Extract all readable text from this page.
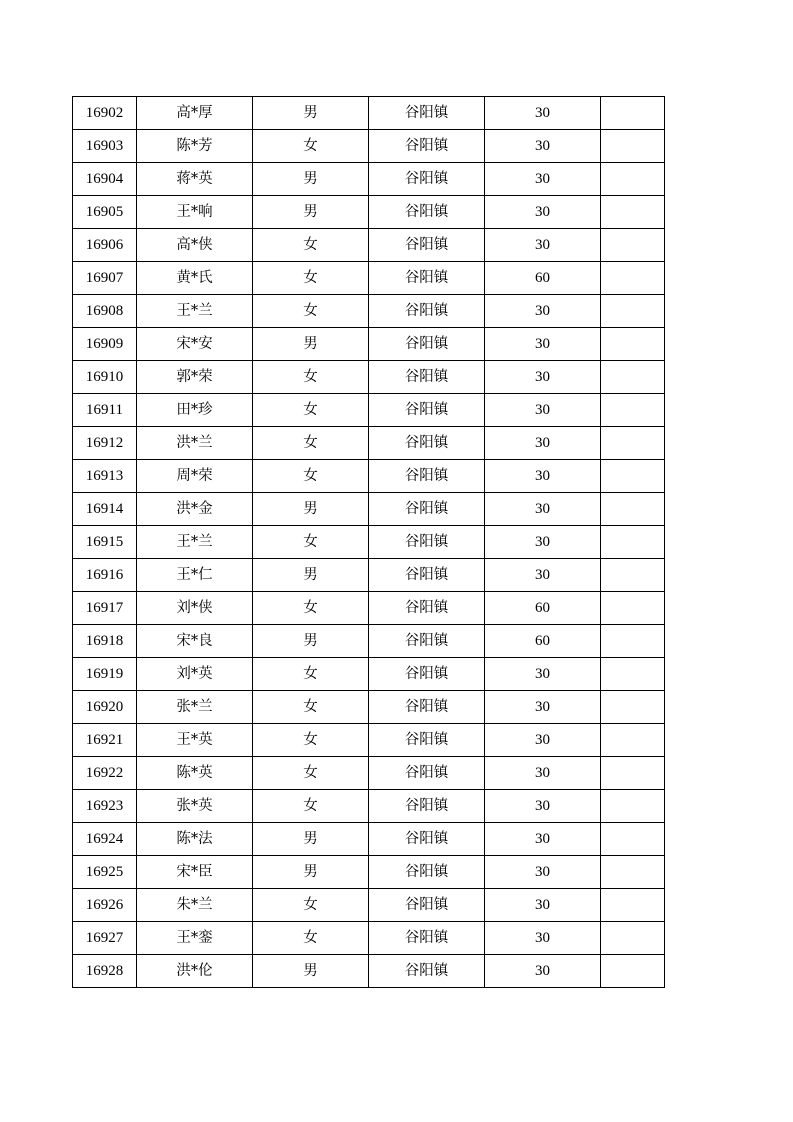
16902	高*厚	男	谷阳镇	30	
16903	陈*芳	女	谷阳镇	30	
16904	蒋*英	男	谷阳镇	30	
16905	王*响	男	谷阳镇	30	
16906	高*侠	女	谷阳镇	30	
16907	黄*氏	女	谷阳镇	60	
16908	王*兰	女	谷阳镇	30	
16909	宋*安	男	谷阳镇	30	
16910	郭*荣	女	谷阳镇	30	
16911	田*珍	女	谷阳镇	30	
16912	洪*兰	女	谷阳镇	30	
16913	周*荣	女	谷阳镇	30	
16914	洪*金	男	谷阳镇	30	
16915	王*兰	女	谷阳镇	30	
16916	王*仁	男	谷阳镇	30	
16917	刘*侠	女	谷阳镇	60	
16918	宋*良	男	谷阳镇	60	
16919	刘*英	女	谷阳镇	30	
16920	张*兰	女	谷阳镇	30	
16921	王*英	女	谷阳镇	30	
16922	陈*英	女	谷阳镇	30	
16923	张*英	女	谷阳镇	30	
16924	陈*法	男	谷阳镇	30	
16925	宋*臣	男	谷阳镇	30	
16926	朱*兰	女	谷阳镇	30	
16927	王*銮	女	谷阳镇	30	
16928	洪*伦	男	谷阳镇	30	
